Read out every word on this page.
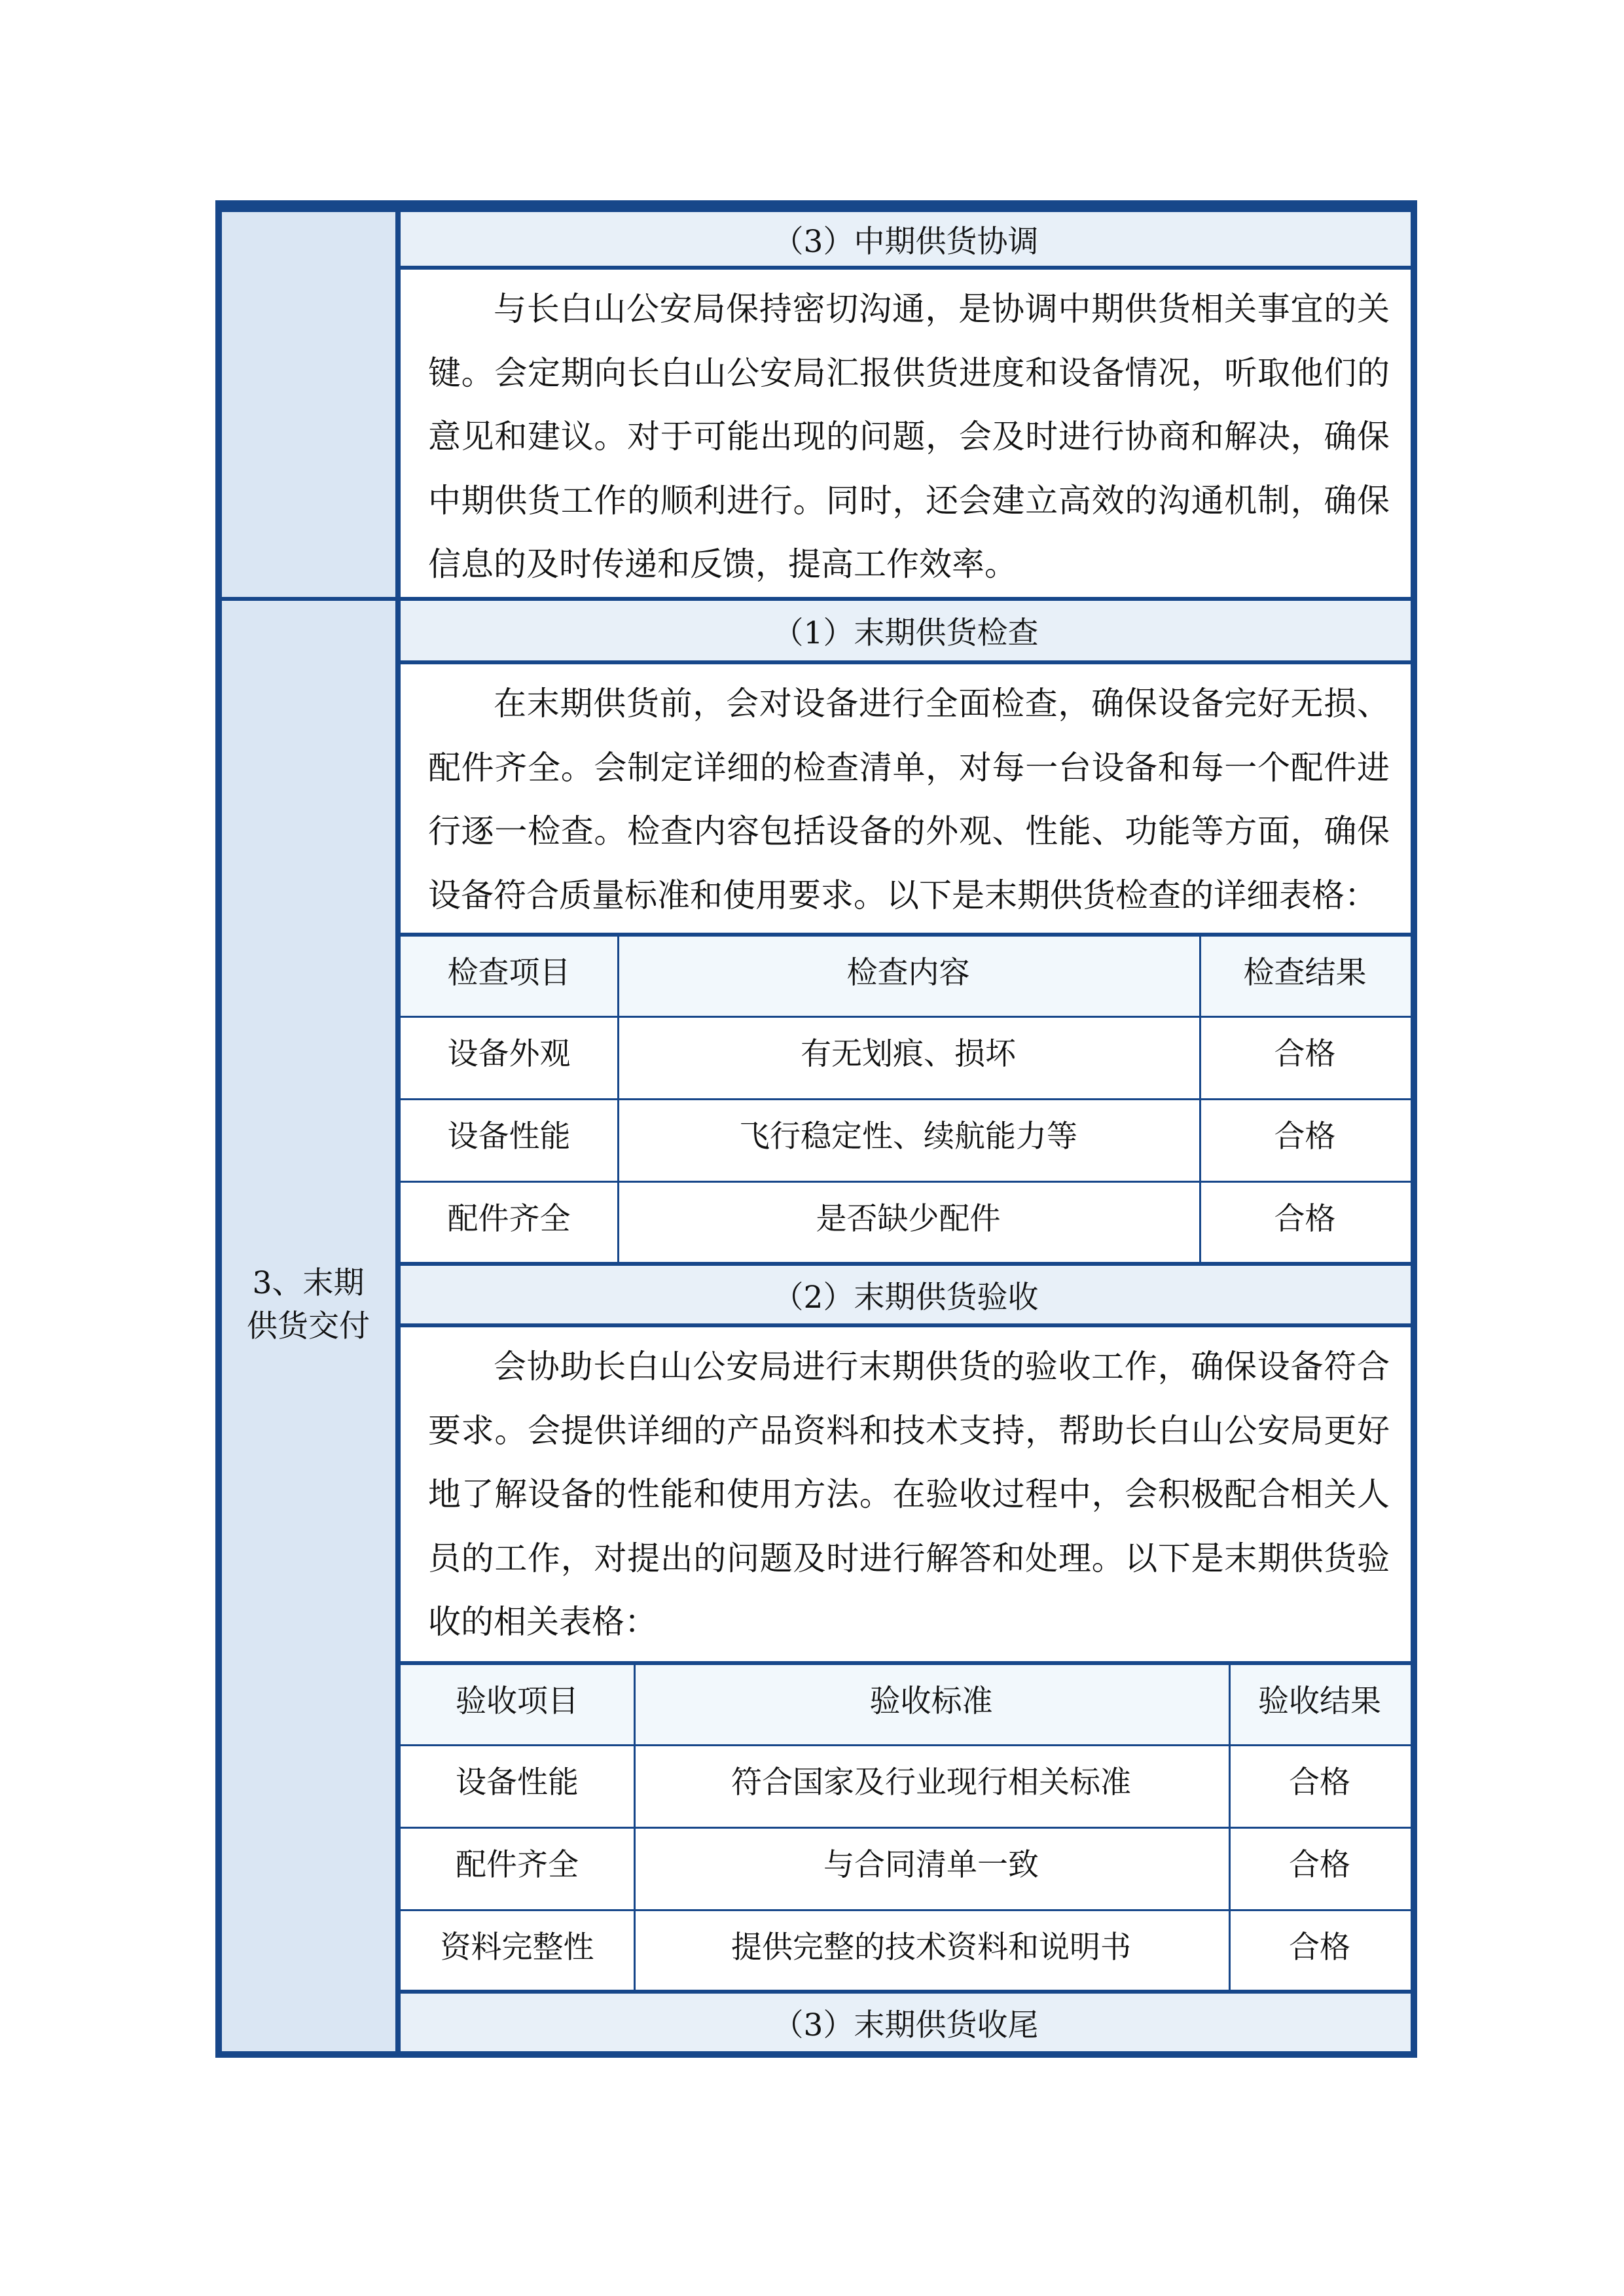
3、末期供货交付
（3）中期供货协调
与长白山公安局保持密切沟通，是协调中期供货相关事宜的关键。会定期向长白山公安局汇报供货进度和设备情况，听取他们的意见和建议。对于可能出现的问题，会及时进行协商和解决，确保中期供货工作的顺利进行。同时，还会建立高效的沟通机制，确保信息的及时传递和反馈，提高工作效率。
（1）末期供货检查
在末期供货前，会对设备进行全面检查，确保设备完好无损、配件齐全。会制定详细的检查清单，对每一台设备和每一个配件进行逐一检查。检查内容包括设备的外观、性能、功能等方面，确保设备符合质量标准和使用要求。以下是末期供货检查的详细表格：
检查项目	检查内容	检查结果
设备外观	有无划痕、损坏	合格
设备性能	飞行稳定性、续航能力等	合格
配件齐全	是否缺少配件	合格
（2）末期供货验收
会协助长白山公安局进行末期供货的验收工作，确保设备符合要求。会提供详细的产品资料和技术支持，帮助长白山公安局更好地了解设备的性能和使用方法。在验收过程中，会积极配合相关人员的工作，对提出的问题及时进行解答和处理。以下是末期供货验收的相关表格：
验收项目	验收标准	验收结果
设备性能	符合国家及行业现行相关标准	合格
配件齐全	与合同清单一致	合格
资料完整性	提供完整的技术资料和说明书	合格
（3）末期供货收尾
